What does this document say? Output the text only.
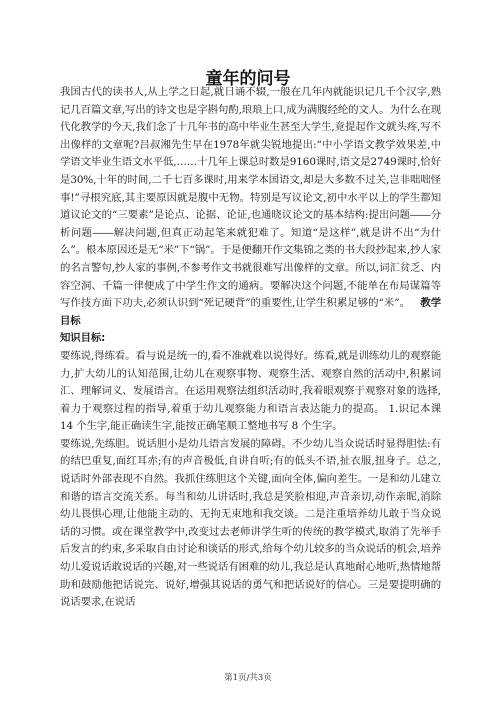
童年的问号

我国古代的读书人,从上学之日起,就日诵不辍,一般在几年内就能识记几千个汉字,熟记几百篇文章,写出的诗文也是字斟句酌,琅琅上口,成为满腹经纶的文人。为什么在现代化教学的今天,我们念了十几年书的高中毕业生甚至大学生,竟提起作文就头疼,写不出像样的文章呢?吕叔湘先生早在1978年就尖锐地提出:“中小学语文教学效果差,中学语文毕业生语文水平低,……十几年上课总时数是9160课时,语文是2749课时,恰好是30%,十年的时间,二千七百多课时,用来学本国语文,却是大多数不过关,岂非咄咄怪事!”寻根究底,其主要原因就是腹中无物。特别是写议论文,初中水平以上的学生都知道议论文的“三要素”是论点、论据、论证,也通晓议论文的基本结构:提出问题――分析问题――解决问题,但真正动起笔来就犯难了。知道“是这样”,就是讲不出“为什么”。根本原因还是无“米”下“锅”。于是便翻开作文集锦之类的书大段抄起来,抄人家的名言警句,抄人家的事例,不参考作文书就很难写出像样的文章。所以,词汇贫乏、内容空洞、千篇一律便成了中学生作文的通病。要解决这个问题,不能单在布局谋篇等写作技方面下功夫,必须认识到“死记硬背”的重要性,让学生积累足够的“米”。  教学目标

知识目标:

要练说,得练看。看与说是统一的,看不准就难以说得好。练看,就是训练幼儿的观察能力,扩大幼儿的认知范围,让幼儿在观察事物、观察生活、观察自然的活动中,积累词汇、理解词义、发展语言。在运用观察法组织活动时,我着眼观察于观察对象的选择,着力于观察过程的指导,着重于幼儿观察能力和语言表达能力的提高。 1.识记本课 14 个生字,能正确读生字,能按正确笔顺工整地书写 8 个生字。

要练说,先练胆。说话胆小是幼儿语言发展的障碍。不少幼儿当众说话时显得胆怯:有的结巴重复,面红耳赤;有的声音极低,自讲自听;有的低头不语,扯衣服,扭身子。总之,说话时外部表现不自然。我抓住练胆这个关键,面向全体,偏向差生。一是和幼儿建立和谐的语言交流关系。每当和幼儿讲话时,我总是笑脸相迎,声音亲切,动作亲昵,消除幼儿畏惧心理,让他能主动的、无拘无束地和我交谈。二是注重培养幼儿敢于当众说话的习惯。或在课堂教学中,改变过去老师讲学生听的传统的教学模式,取消了先举手后发言的约束,多采取自由讨论和谈话的形式,给每个幼儿较多的当众说话的机会,培养幼儿爱说话敢说话的兴趣,对一些说话有困难的幼儿,我总是认真地耐心地听,热情地帮助和鼓励他把话说完、说好,增强其说话的勇气和把话说好的信心。三是要提明确的说话要求,在说话

第1页/共3页
